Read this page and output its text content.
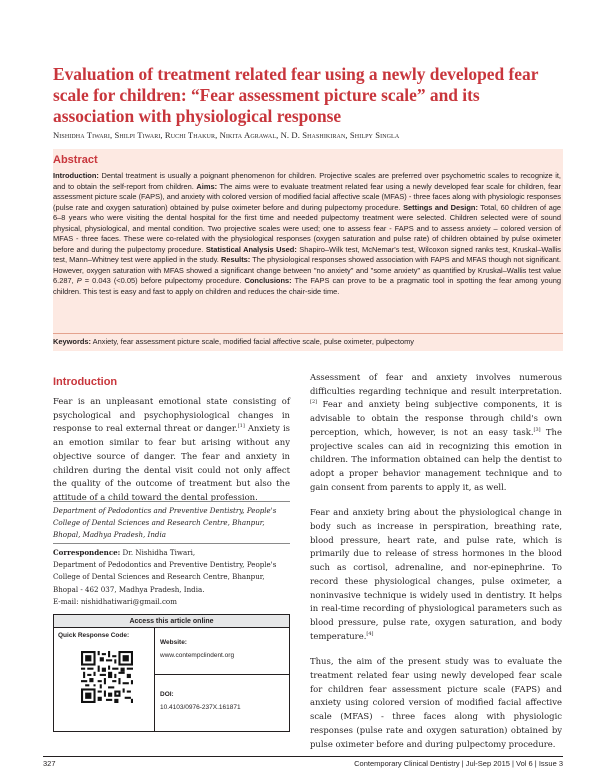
Evaluation of treatment related fear using a newly developed fear scale for children: “Fear assessment picture scale” and its association with physiological response
Nishidha Tiwari, Shilpi Tiwari, Ruchi Thakur, Nikita Agrawal, N. D. Shashikiran, Shilpy Singla
Abstract
Introduction: Dental treatment is usually a poignant phenomenon for children. Projective scales are preferred over psychometric scales to recognize it, and to obtain the self-report from children. Aims: The aims were to evaluate treatment related fear using a newly developed fear scale for children, fear assessment picture scale (FAPS), and anxiety with colored version of modified facial affective scale (MFAS) - three faces along with physiologic responses (pulse rate and oxygen saturation) obtained by pulse oximeter before and during pulpectomy procedure. Settings and Design: Total, 60 children of age 6–8 years who were visiting the dental hospital for the first time and needed pulpectomy treatment were selected. Children selected were of sound physical, physiological, and mental condition. Two projective scales were used; one to assess fear - FAPS and to assess anxiety – colored version of MFAS - three faces. These were co-related with the physiological responses (oxygen saturation and pulse rate) of children obtained by pulse oximeter before and during the pulpectomy procedure. Statistical Analysis Used: Shapiro–Wilk test, McNemar's test, Wilcoxon signed ranks test, Kruskal–Wallis test, Mann–Whitney test were applied in the study. Results: The physiological responses showed association with FAPS and MFAS though not significant. However, oxygen saturation with MFAS showed a significant change between "no anxiety" and "some anxiety" as quantified by Kruskal–Wallis test value 6.287, P = 0.043 (<0.05) before pulpectomy procedure. Conclusions: The FAPS can prove to be a pragmatic tool in spotting the fear among young children. This test is easy and fast to apply on children and reduces the chair-side time.
Keywords: Anxiety, fear assessment picture scale, modified facial affective scale, pulse oximeter, pulpectomy
Introduction
Fear is an unpleasant emotional state consisting of psychological and psychophysiological changes in response to real external threat or danger.[1] Anxiety is an emotion similar to fear but arising without any objective source of danger. The fear and anxiety in children during the dental visit could not only affect the quality of the outcome of treatment but also the attitude of a child toward the dental profession.
Department of Pedodontics and Preventive Dentistry, People's College of Dental Sciences and Research Centre, Bhanpur, Bhopal, Madhya Pradesh, India
Correspondence: Dr. Nishidha Tiwari,
Department of Pedodontics and Preventive Dentistry, People's College of Dental Sciences and Research Centre, Bhanpur,
Bhopal - 462 037, Madhya Pradesh, India.
E-mail: nishidhatiwari@gmail.com
Access this article online
Quick Response Code:
Website:
www.contempclindent.org
DOI:
10.4103/0976-237X.161871

Assessment of fear and anxiety involves numerous difficulties regarding technique and result interpretation.[2] Fear and anxiety being subjective components, it is advisable to obtain the response through child's own perception, which, however, is not an easy task.[3] The projective scales can aid in recognizing this emotion in children. The information obtained can help the dentist to adopt a proper behavior management technique and to gain consent from parents to apply it, as well.

Fear and anxiety bring about the physiological change in body such as increase in perspiration, breathing rate, blood pressure, heart rate, and pulse rate, which is primarily due to release of stress hormones in the blood such as cortisol, adrenaline, and nor-epinephrine. To record these physiological changes, pulse oximeter, a noninvasive technique is widely used in dentistry. It helps in real-time recording of physiological parameters such as blood pressure, pulse rate, oxygen saturation, and body temperature.[4]

Thus, the aim of the present study was to evaluate the treatment related fear using newly developed fear scale for children fear assessment picture scale (FAPS) and anxiety using colored version of modified facial affective scale (MFAS) - three faces along with physiologic responses (pulse rate and oxygen saturation) obtained by pulse oximeter before and during pulpectomy procedure.

327	Contemporary Clinical Dentistry | Jul-Sep 2015 | Vol 6 | Issue 3
